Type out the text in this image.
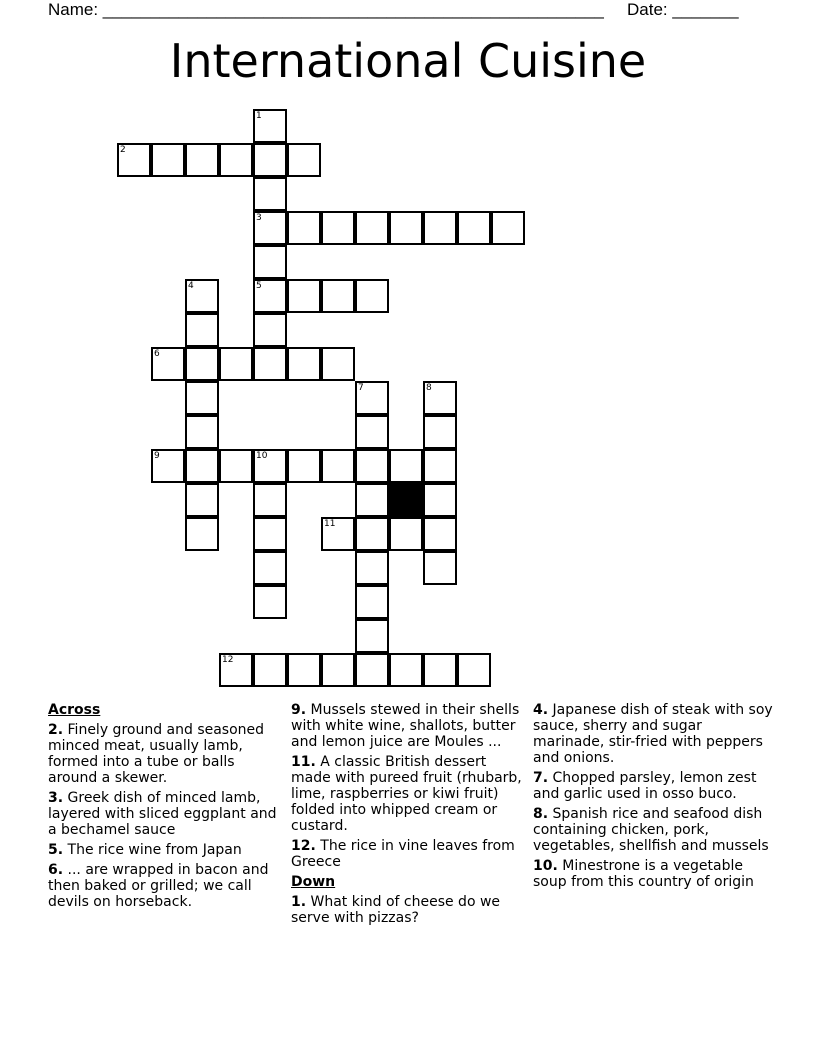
Name: _____________________________________________________ Date: _______
International Cuisine
1
3
5
2
4
6
7	8
9	10
11
12
Across
2. Finely ground and seasoned minced meat, usually lamb, formed into a tube or balls around a skewer.
3. Greek dish of minced lamb, layered with sliced eggplant and a bechamel sauce
5. The rice wine from Japan
6. ... are wrapped in bacon and then baked or grilled; we call devils on horseback.
9. Mussels stewed in their shells with white wine, shallots, butter and lemon juice are Moules ...
11. A classic British dessert made with pureed fruit (rhubarb, lime, raspberries or kiwi fruit) folded into whipped cream or custard.
12. The rice in vine leaves from Greece
Down
1. What kind of cheese do we serve with pizzas?
4. Japanese dish of steak with soy sauce, sherry and sugar marinade, stir-fried with peppers and onions.
7. Chopped parsley, lemon zest and garlic used in osso buco.
8. Spanish rice and seafood dish containing chicken, pork, vegetables, shellfish and mussels
10. Minestrone is a vegetable soup from this country of origin
